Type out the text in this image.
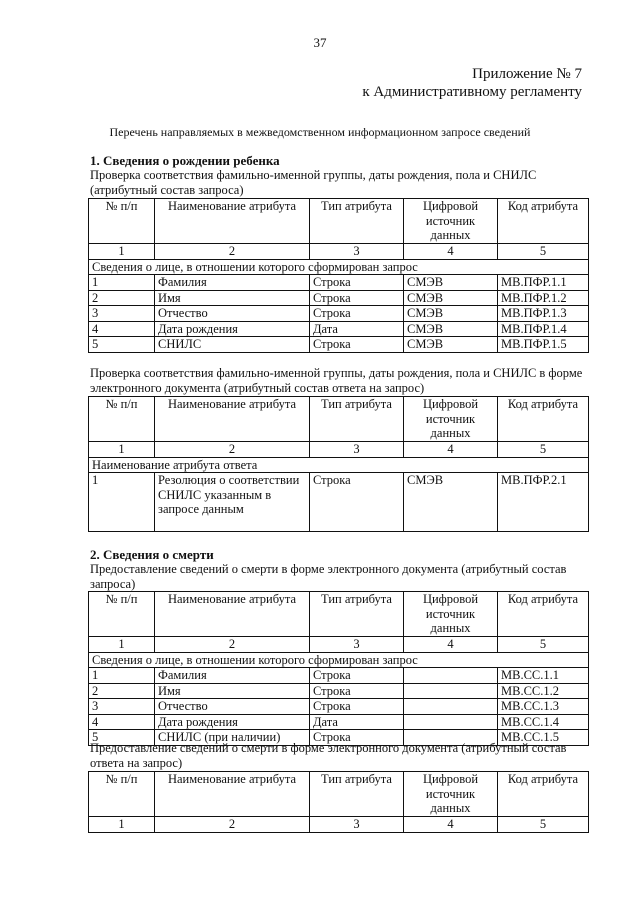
37
Приложение № 7
к Административному регламенту
Перечень направляемых в межведомственном информационном запросе сведений
1. Сведения о рождении ребенка
Проверка соответствия фамильно-именной группы, даты рождения, пола и СНИЛС (атрибутный состав запроса)
№ п/п	Наименование атрибута	Тип атрибута	Цифровой источник данных	Код атрибута
1	2	3	4	5
Сведения о лице, в отношении которого сформирован запрос				
1	Фамилия	Строка	СМЭВ	МВ.ПФР.1.1
2	Имя	Строка	СМЭВ	МВ.ПФР.1.2
3	Отчество	Строка	СМЭВ	МВ.ПФР.1.3
4	Дата рождения	Дата	СМЭВ	МВ.ПФР.1.4
5	СНИЛС	Строка	СМЭВ	МВ.ПФР.1.5
Проверка соответствия фамильно-именной группы, даты рождения, пола и СНИЛС в форме электронного документа (атрибутный состав ответа на запрос)
№ п/п	Наименование атрибута	Тип атрибута	Цифровой источник данных	Код атрибута
1	2	3	4	5
Наименование атрибута ответа				
1	Резолюция о соответствии СНИЛС указанным в запросе данным	Строка	СМЭВ	МВ.ПФР.2.1
2. Сведения о смерти
Предоставление сведений о смерти в форме электронного документа (атрибутный состав запроса)
№ п/п	Наименование атрибута	Тип атрибута	Цифровой источник данных	Код атрибута
1	2	3	4	5
Сведения о лице, в отношении которого сформирован запрос				
1	Фамилия	Строка		МВ.СС.1.1
2	Имя	Строка		МВ.СС.1.2
3	Отчество	Строка		МВ.СС.1.3
4	Дата рождения	Дата		МВ.СС.1.4
5	СНИЛС (при наличии)	Строка		МВ.СС.1.5
Предоставление сведений о смерти в форме электронного документа (атрибутный состав ответа на запрос)
№ п/п	Наименование атрибута	Тип атрибута	Цифровой источник данных	Код атрибута
1	2	3	4	5
